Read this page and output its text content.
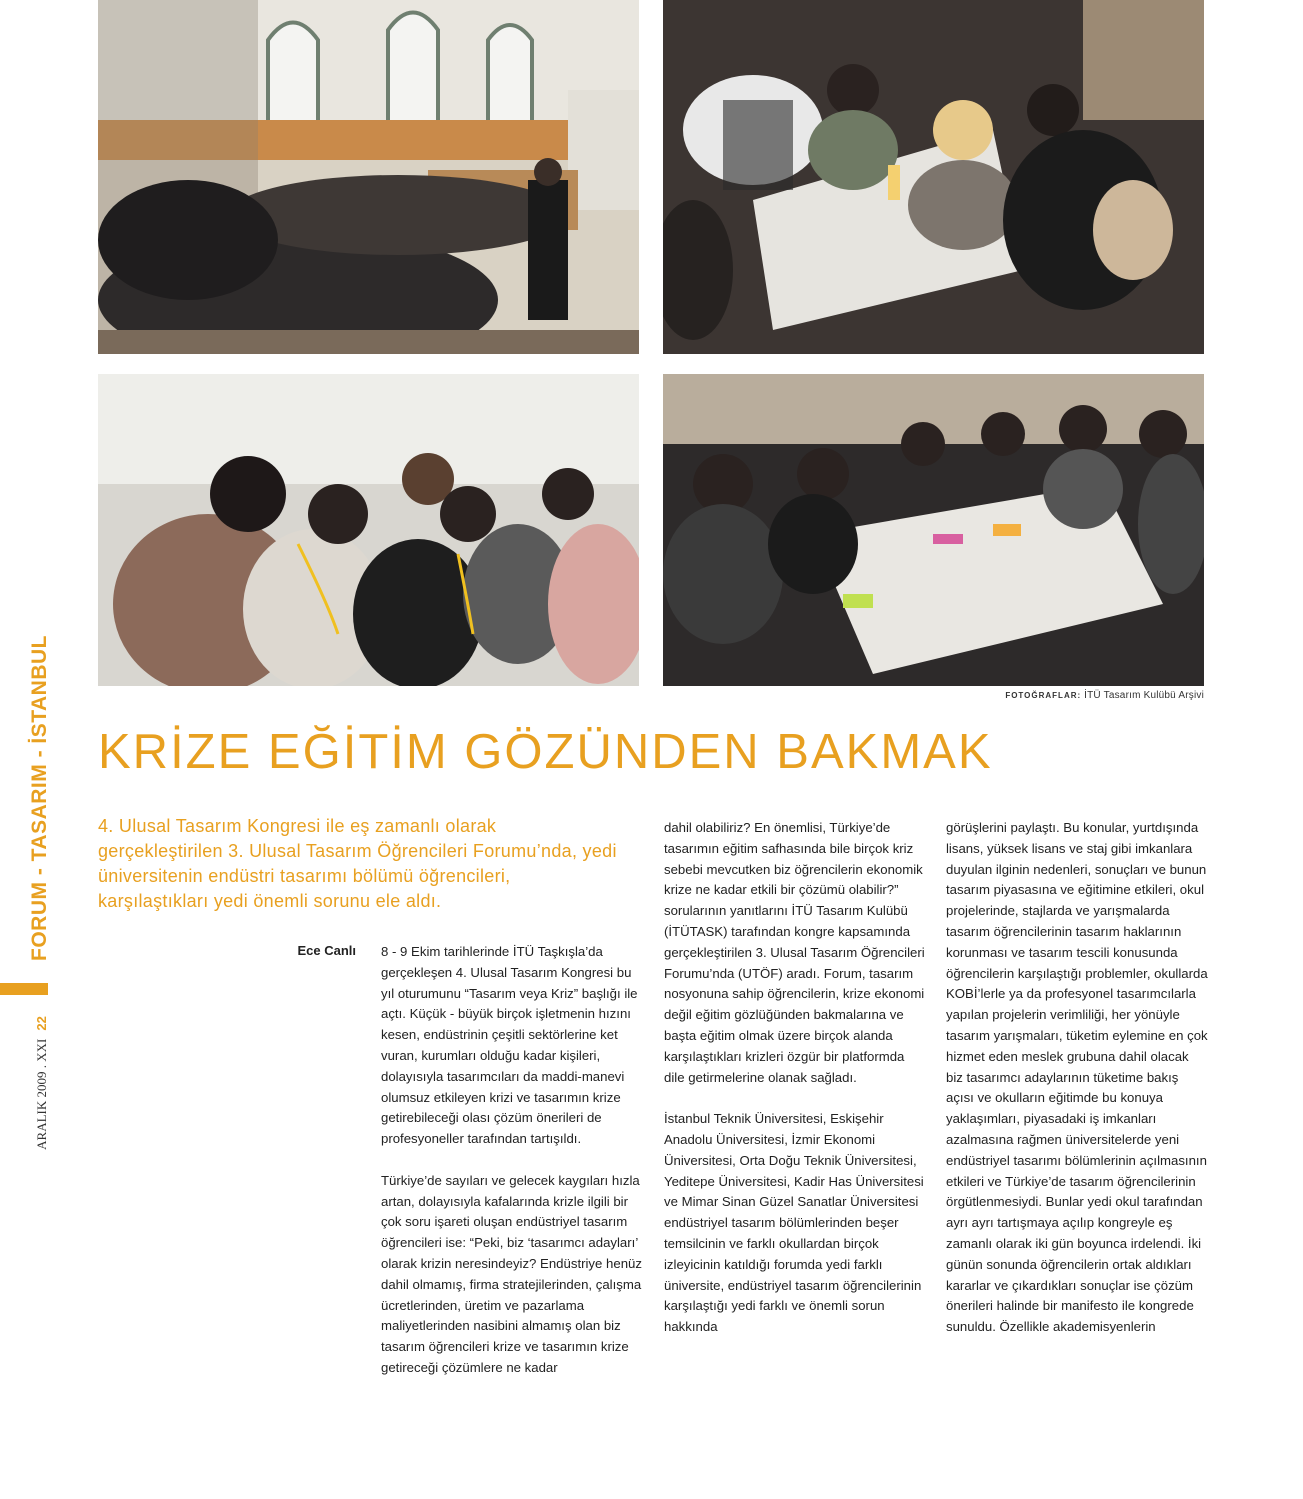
FOTOĞRAFLAR: İTÜ Tasarım Kulübü Arşivi
FORUM - TASARIM - İSTANBUL
ARALIK 2009 . XXI22
KRİZE EĞİTİM GÖZÜNDEN BAKMAK
4. Ulusal Tasarım Kongresi ile eş zamanlı olarak gerçekleştirilen 3. Ulusal Tasarım Öğrencileri Forumu’nda, yedi üniversitenin endüstri tasarımı bölümü öğrencileri, karşılaştıkları yedi önemli sorunu ele aldı.
Ece Canlı 8 - 9 Ekim tarihlerinde İTÜ Taşkışla’da gerçekleşen 4. Ulusal Tasarım Kongresi bu yıl oturumunu “Tasarım veya Kriz” başlığı ile açtı. Küçük - büyük birçok işletmenin hızını kesen, endüstrinin çeşitli sektörlerine ket vuran, kurumları olduğu kadar kişileri, dolayısıyla tasarımcıları da maddi-manevi olumsuz etkileyen krizi ve tasarımın krize getirebileceği olası çözüm önerileri de profesyoneller tarafından tartışıldı.

Türkiye’de sayıları ve gelecek kaygıları hızla artan, dolayısıyla kafalarında krizle ilgili bir çok soru işareti oluşan endüstriyel tasarım öğrencileri ise: “Peki, biz ‘tasarımcı adayları’ olarak krizin neresindeyiz? Endüstriye henüz dahil olmamış, firma stratejilerinden, çalışma ücretlerinden, üretim ve pazarlama maliyetlerinden nasibini almamış olan biz tasarım öğrencileri krize ve tasarımın krize getireceği çözümlere ne kadar

dahil olabiliriz? En önemlisi, Türkiye’de tasarımın eğitim safhasında bile birçok kriz sebebi mevcutken biz öğrencilerin ekonomik krize ne kadar etkili bir çözümü olabilir?” sorularının yanıtlarını İTÜ Tasarım Kulübü (İTÜTASK) tarafından kongre kapsamında gerçekleştirilen 3. Ulusal Tasarım Öğrencileri Forumu’nda (UTÖF) aradı. Forum, tasarım nosyonuna sahip öğrencilerin, krize ekonomi değil eğitim gözlüğünden bakmalarına ve başta eğitim olmak üzere birçok alanda karşılaştıkları krizleri özgür bir platformda dile getirmelerine olanak sağladı.

İstanbul Teknik Üniversitesi, Eskişehir Anadolu Üniversitesi, İzmir Ekonomi Üniversitesi, Orta Doğu Teknik Üniversitesi, Yeditepe Üniversitesi, Kadir Has Üniversitesi ve Mimar Sinan Güzel Sanatlar Üniversitesi endüstriyel tasarım bölümlerinden beşer temsilcinin ve farklı okullardan birçok izleyicinin katıldığı forumda yedi farklı üniversite, endüstriyel tasarım öğrencilerinin karşılaştığı yedi farklı ve önemli sorun hakkında

görüşlerini paylaştı. Bu konular, yurtdışında lisans, yüksek lisans ve staj gibi imkanlara duyulan ilginin nedenleri, sonuçları ve bunun tasarım piyasasına ve eğitimine etkileri, okul projelerinde, stajlarda ve yarışmalarda tasarım öğrencilerinin tasarım haklarının korunması ve tasarım tescili konusunda öğrencilerin karşılaştığı problemler, okullarda KOBİ’lerle ya da profesyonel tasarımcılarla yapılan projelerin verimliliği, her yönüyle tasarım yarışmaları, tüketim eylemine en çok hizmet eden meslek grubuna dahil olacak biz tasarımcı adaylarının tüketime bakış açısı ve okulların eğitimde bu konuya yaklaşımları, piyasadaki iş imkanları azalmasına rağmen üniversitelerde yeni endüstriyel tasarımı bölümlerinin açılmasının etkileri ve Türkiye’de tasarım öğrencilerinin örgütlenmesiydi. Bunlar yedi okul tarafından ayrı ayrı tartışmaya açılıp kongreyle eş zamanlı olarak iki gün boyunca irdelendi. İki günün sonunda öğrencilerin ortak aldıkları kararlar ve çıkardıkları sonuçlar ise çözüm önerileri halinde bir manifesto ile kongrede sunuldu. Özellikle akademisyenlerin
